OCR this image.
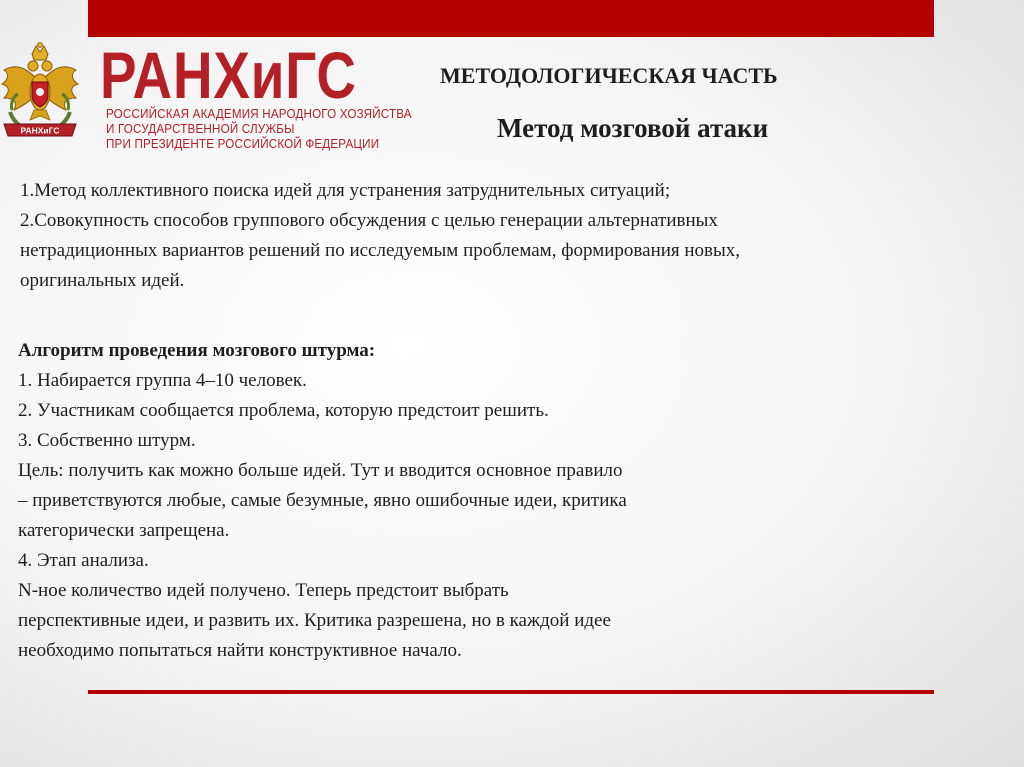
РАНХиГС
РАНХиГС
РОССИЙСКАЯ АКАДЕМИЯ НАРОДНОГО ХОЗЯЙСТВА
И ГОСУДАРСТВЕННОЙ СЛУЖБЫ
ПРИ ПРЕЗИДЕНТЕ РОССИЙСКОЙ ФЕДЕРАЦИИ
МЕТОДОЛОГИЧЕСКАЯ ЧАСТЬ
Метод мозговой атаки

1.Метод коллективного поиска идей для устранения затруднительных ситуаций;

2.Совокупность способов группового обсуждения с целью генерации альтернативных

нетрадиционных вариантов решений по исследуемым проблемам, формирования новых,

оригинальных идей.

Алгоритм проведения мозгового штурма:

1. Набирается группа 4–10 человек.

2. Участникам сообщается проблема, которую предстоит решить.

3. Собственно штурм.

Цель: получить как можно больше идей. Тут и вводится основное правило

– приветствуются любые, самые безумные, явно ошибочные идеи, критика

категорически запрещена.

4. Этап анализа.

N-ное количество идей получено. Теперь предстоит выбрать

перспективные идеи, и развить их. Критика разрешена, но в каждой идее

необходимо попытаться найти конструктивное начало.
